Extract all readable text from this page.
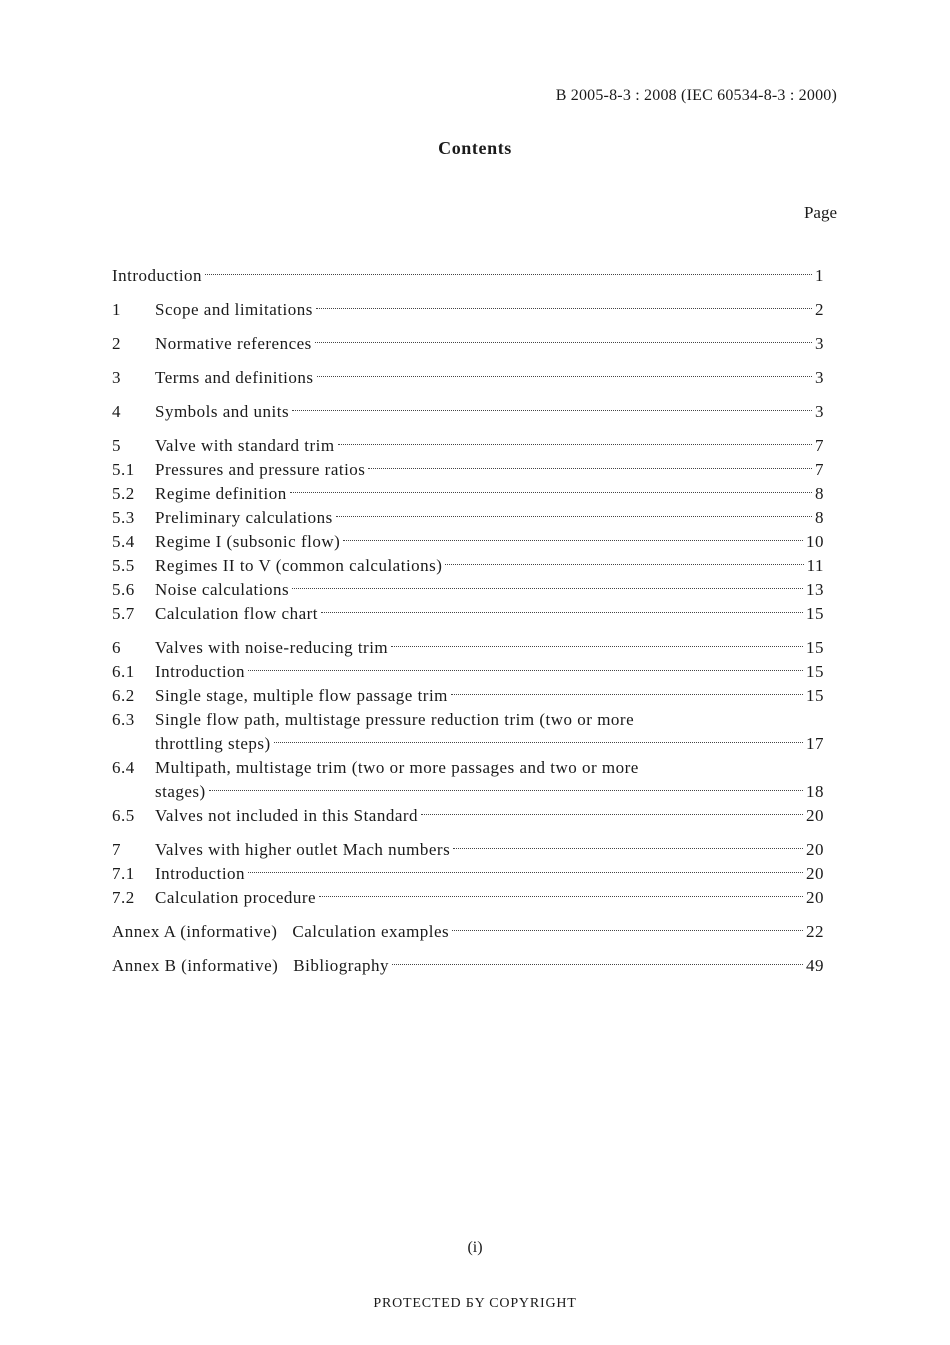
B 2005-8-3 : 2008 (IEC 60534-8-3 : 2000)
Contents
Page
Introduction	1
1	Scope and limitations	2
2	Normative references	3
3	Terms and definitions	3
4	Symbols and units	3
5	Valve with standard trim	7
5.1	Pressures and pressure ratios	7
5.2	Regime definition	8
5.3	Preliminary calculations	8
5.4	Regime I (subsonic flow)	10
5.5	Regimes II to V (common calculations)	11
5.6	Noise calculations	13
5.7	Calculation flow chart	15
6	Valves with noise-reducing trim	15
6.1	Introduction	15
6.2	Single stage, multiple flow passage trim	15
6.3	Single flow path, multistage pressure reduction trim (two or more
throttling steps)	17
6.4	Multipath, multistage trim (two or more passages and two or more
stages)	18
6.5	Valves not included in this Standard	20
7	Valves with higher outlet Mach numbers	20
7.1	Introduction	20
7.2	Calculation procedure	20
Annex A (informative) Calculation examples	22
Annex B (informative) Bibliography	49
(i)
PROTECTED БY COPYRIGHT
